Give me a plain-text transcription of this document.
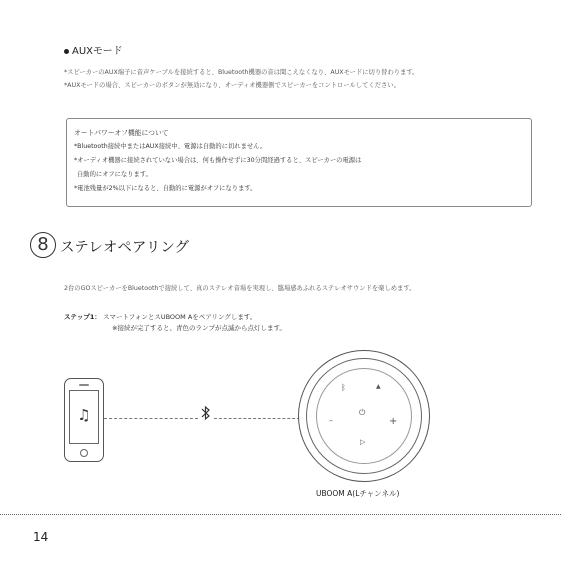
AUXモード
*スピーカーのAUX端子に音声ケーブルを接続すると、Bluetooth機器の音は聞こえなくなり、AUXモードに切り替わります。
*AUXモードの場合、スピーカーのボタンが無効になり、オーディオ機器側でスピーカーをコントロールしてください。
オートパワーオフ機能について
*Bluetooth接続中またはAUX接続中、電源は自動的に切れません。
*オーディオ機器に接続されていない場合は、何も操作せずに30分間経過すると、スピーカーの電源は
自動的にオフになります。
*電池残量が2%以下になると、自動的に電源がオフになります。
8 ステレオペアリング
2台のGOスピーカーをBluetoothで接続して、真のステレオ音場を実現し、臨場感あふれるステレオサウンドを楽しめます。
ステップ1： スマートフォンとスUBOOM Aをペアリングします。
※接続が完了すると、青色のランプが点滅から点灯します。
♫
ᛒ	▲
⏻
–	+
▷
UBOOM A(Lチャンネル)
14
